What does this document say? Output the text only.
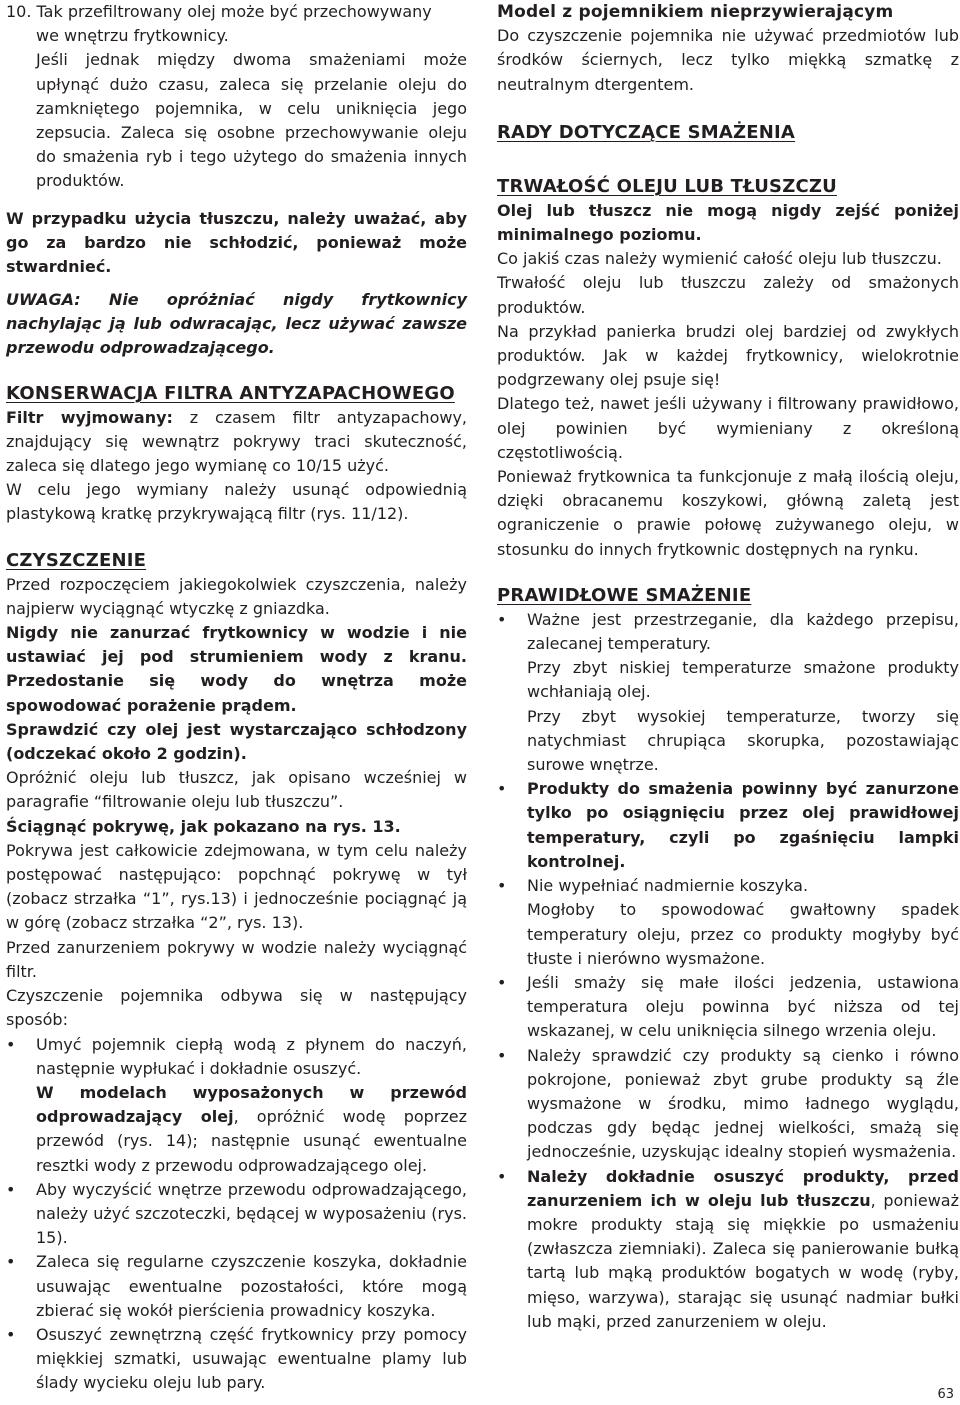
10. Tak przefiltrowany olej może być przechowywany

we wnętrzu frytkownicy.

Jeśli jednak między dwoma smażeniami może upłynąć dużo czasu, zaleca się przelanie oleju do zamkniętego pojemnika, w celu uniknięcia jego zepsucia. Zaleca się osobne przechowywanie oleju do smażenia ryb i tego użytego do smażenia innych produktów.

W przypadku użycia tłuszczu, należy uważać, aby go za bardzo nie schłodzić, ponieważ może stwardnieć.

UWAGA: Nie opróżniać nigdy frytkownicy nachylając ją lub odwracając, lecz używać zawsze przewodu odprowadzającego.

KONSERWACJA FILTRA ANTYZAPACHOWEGO

Filtr wyjmowany: z czasem filtr antyzapachowy, znajdujący się wewnątrz pokrywy traci skuteczność, zaleca się dlatego jego wymianę co 10/15 użyć.

W celu jego wymiany należy usunąć odpowiednią plastykową kratkę przykrywającą filtr (rys. 11/12).

CZYSZCZENIE

Przed rozpoczęciem jakiegokolwiek czyszczenia, należy najpierw wyciągnąć wtyczkę z gniazdka.

Nigdy nie zanurzać frytkownicy w wodzie i nie ustawiać jej pod strumieniem wody z kranu. Przedostanie się wody do wnętrza może spowodować porażenie prądem.

Sprawdzić czy olej jest wystarczająco schłodzony (odczekać około 2 godzin).

Opróżnić oleju lub tłuszcz, jak opisano wcześniej w paragrafie “filtrowanie oleju lub tłuszczu”.

Ściągnąć pokrywę, jak pokazano na rys. 13.

Pokrywa jest całkowicie zdejmowana, w tym celu należy postępować następująco: popchnąć pokrywę w tył (zobacz strzałka “1”, rys.13) i jednocześnie pociągnąć ją w górę (zobacz strzałka “2”, rys. 13).

Przed zanurzeniem pokrywy w wodzie należy wyciągnąć filtr.

Czyszczenie pojemnika odbywa się w następujący sposób:

• Umyć pojemnik ciepłą wodą z płynem do naczyń, następnie wypłukać i dokładnie osuszyć.

W modelach wyposażonych w przewód odprowadzający olej, opróżnić wodę poprzez przewód (rys. 14); następnie usunąć ewentualne resztki wody z przewodu odprowadzającego olej.

• Aby wyczyścić wnętrze przewodu odprowadzającego, należy użyć szczoteczki, będącej w wyposażeniu (rys. 15).
• Zaleca się regularne czyszczenie koszyka, dokładnie usuwając ewentualne pozostałości, które mogą zbierać się wokół pierścienia prowadnicy koszyka.
• Osuszyć zewnętrzną część frytkownicy przy pomocy miękkiej szmatki, usuwając ewentualne plamy lub ślady wycieku oleju lub pary.

Model z pojemnikiem nieprzywierającym

Do czyszczenie pojemnika nie używać przedmiotów lub środków ściernych, lecz tylko miękką szmatkę z neutralnym dtergentem.

RADY DOTYCZĄCE SMAŻENIA
TRWAŁOŚĆ OLEJU LUB TŁUSZCZU

Olej lub tłuszcz nie mogą nigdy zejść poniżej minimalnego poziomu.

Co jakiś czas należy wymienić całość oleju lub tłuszczu.

Trwałość oleju lub tłuszczu zależy od smażonych produktów.

Na przykład panierka brudzi olej bardziej od zwykłych produktów. Jak w każdej frytkownicy, wielokrotnie podgrzewany olej psuje się!

Dlatego też, nawet jeśli używany i filtrowany prawidłowo, olej powinien być wymieniany z określoną częstotliwością.

Ponieważ frytkownica ta funkcjonuje z małą ilością oleju, dzięki obracanemu koszykowi, główną zaletą jest ograniczenie o prawie połowę zużywanego oleju, w stosunku do innych frytkownic dostępnych na rynku.

PRAWIDŁOWE SMAŻENIE
• Ważne jest przestrzeganie, dla każdego przepisu, zalecanej temperatury.

Przy zbyt niskiej temperaturze smażone produkty wchłaniają olej.

Przy zbyt wysokiej temperaturze, tworzy się natychmiast chrupiąca skorupka, pozostawiając surowe wnętrze.

• Produkty do smażenia powinny być zanurzone tylko po osiągnięciu przez olej prawidłowej temperatury, czyli po zgaśnięciu lampki kontrolnej.
• Nie wypełniać nadmiernie koszyka.

Mogłoby to spowodować gwałtowny spadek temperatury oleju, przez co produkty mogłyby być tłuste i nierówno wysmażone.

• Jeśli smaży się małe ilości jedzenia, ustawiona temperatura oleju powinna być niższa od tej wskazanej, w celu uniknięcia silnego wrzenia oleju.
• Należy sprawdzić czy produkty są cienko i równo pokrojone, ponieważ zbyt grube produkty są źle wysmażone w środku, mimo ładnego wyglądu, podczas gdy będąc jednej wielkości, smażą się jednocześnie, uzyskując idealny stopień wysmażenia.
• Należy dokładnie osuszyć produkty, przed zanurzeniem ich w oleju lub tłuszczu, ponieważ mokre produkty stają się miękkie po usmażeniu (zwłaszcza ziemniaki). Zaleca się panierowanie bułką tartą lub mąką produktów bogatych w wodę (ryby, mięso, warzywa), starając się usunąć nadmiar bułki lub mąki, przed zanurzeniem w oleju.
63
